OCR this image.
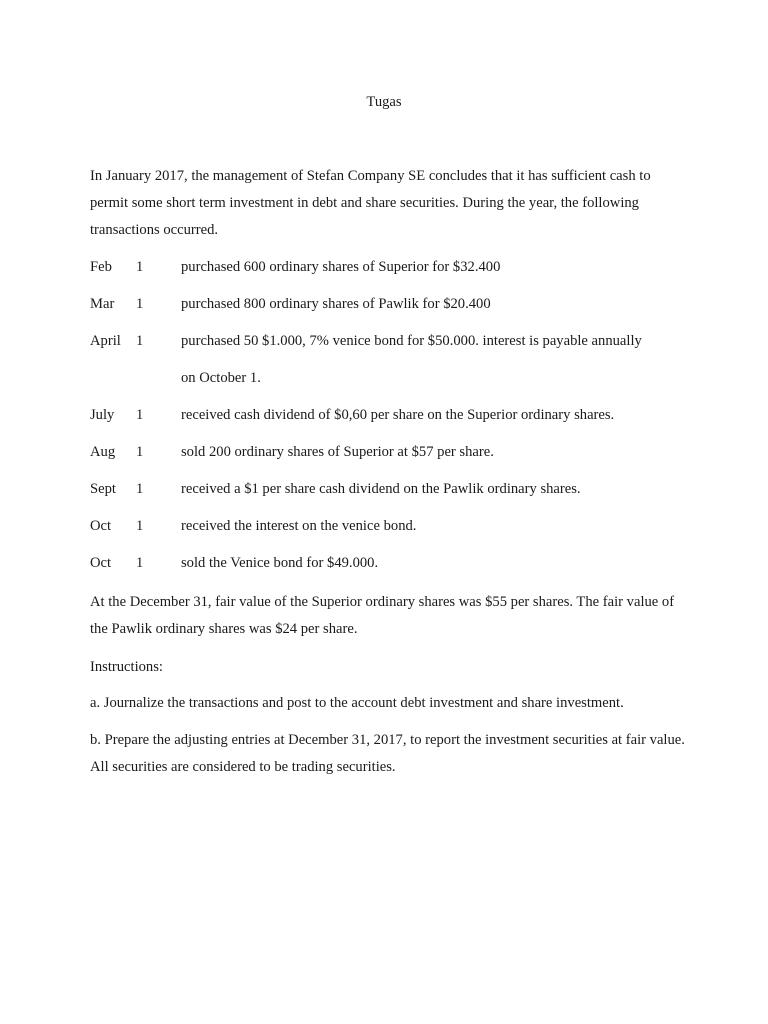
Tugas

In January 2017, the management of Stefan Company SE concludes that it has sufficient cash to permit some short term investment in debt and share securities. During the year, the following transactions occurred.

Feb 1	purchased 600 ordinary shares of Superior for $32.400
Mar 1	purchased 800 ordinary shares of Pawlik for $20.400
April 1	purchased 50 $1.000, 7% venice bond for $50.000. interest is payable annually
on October 1.
July 1	received cash dividend of $0,60 per share on the Superior ordinary shares.
Aug 1	sold 200 ordinary shares of Superior at $57 per share.
Sept 1	received a $1 per share cash dividend on the Pawlik ordinary shares.
Oct 1	received the interest on the venice bond.
Oct 1	sold the Venice bond for $49.000.

At the December 31, fair value of the Superior ordinary shares was $55 per shares. The fair value of the Pawlik ordinary shares was $24 per share.

Instructions:

a. Journalize the transactions and post to the account debt investment and share investment.

b. Prepare the adjusting entries at December 31, 2017, to report the investment securities at fair value. All securities are considered to be trading securities.
